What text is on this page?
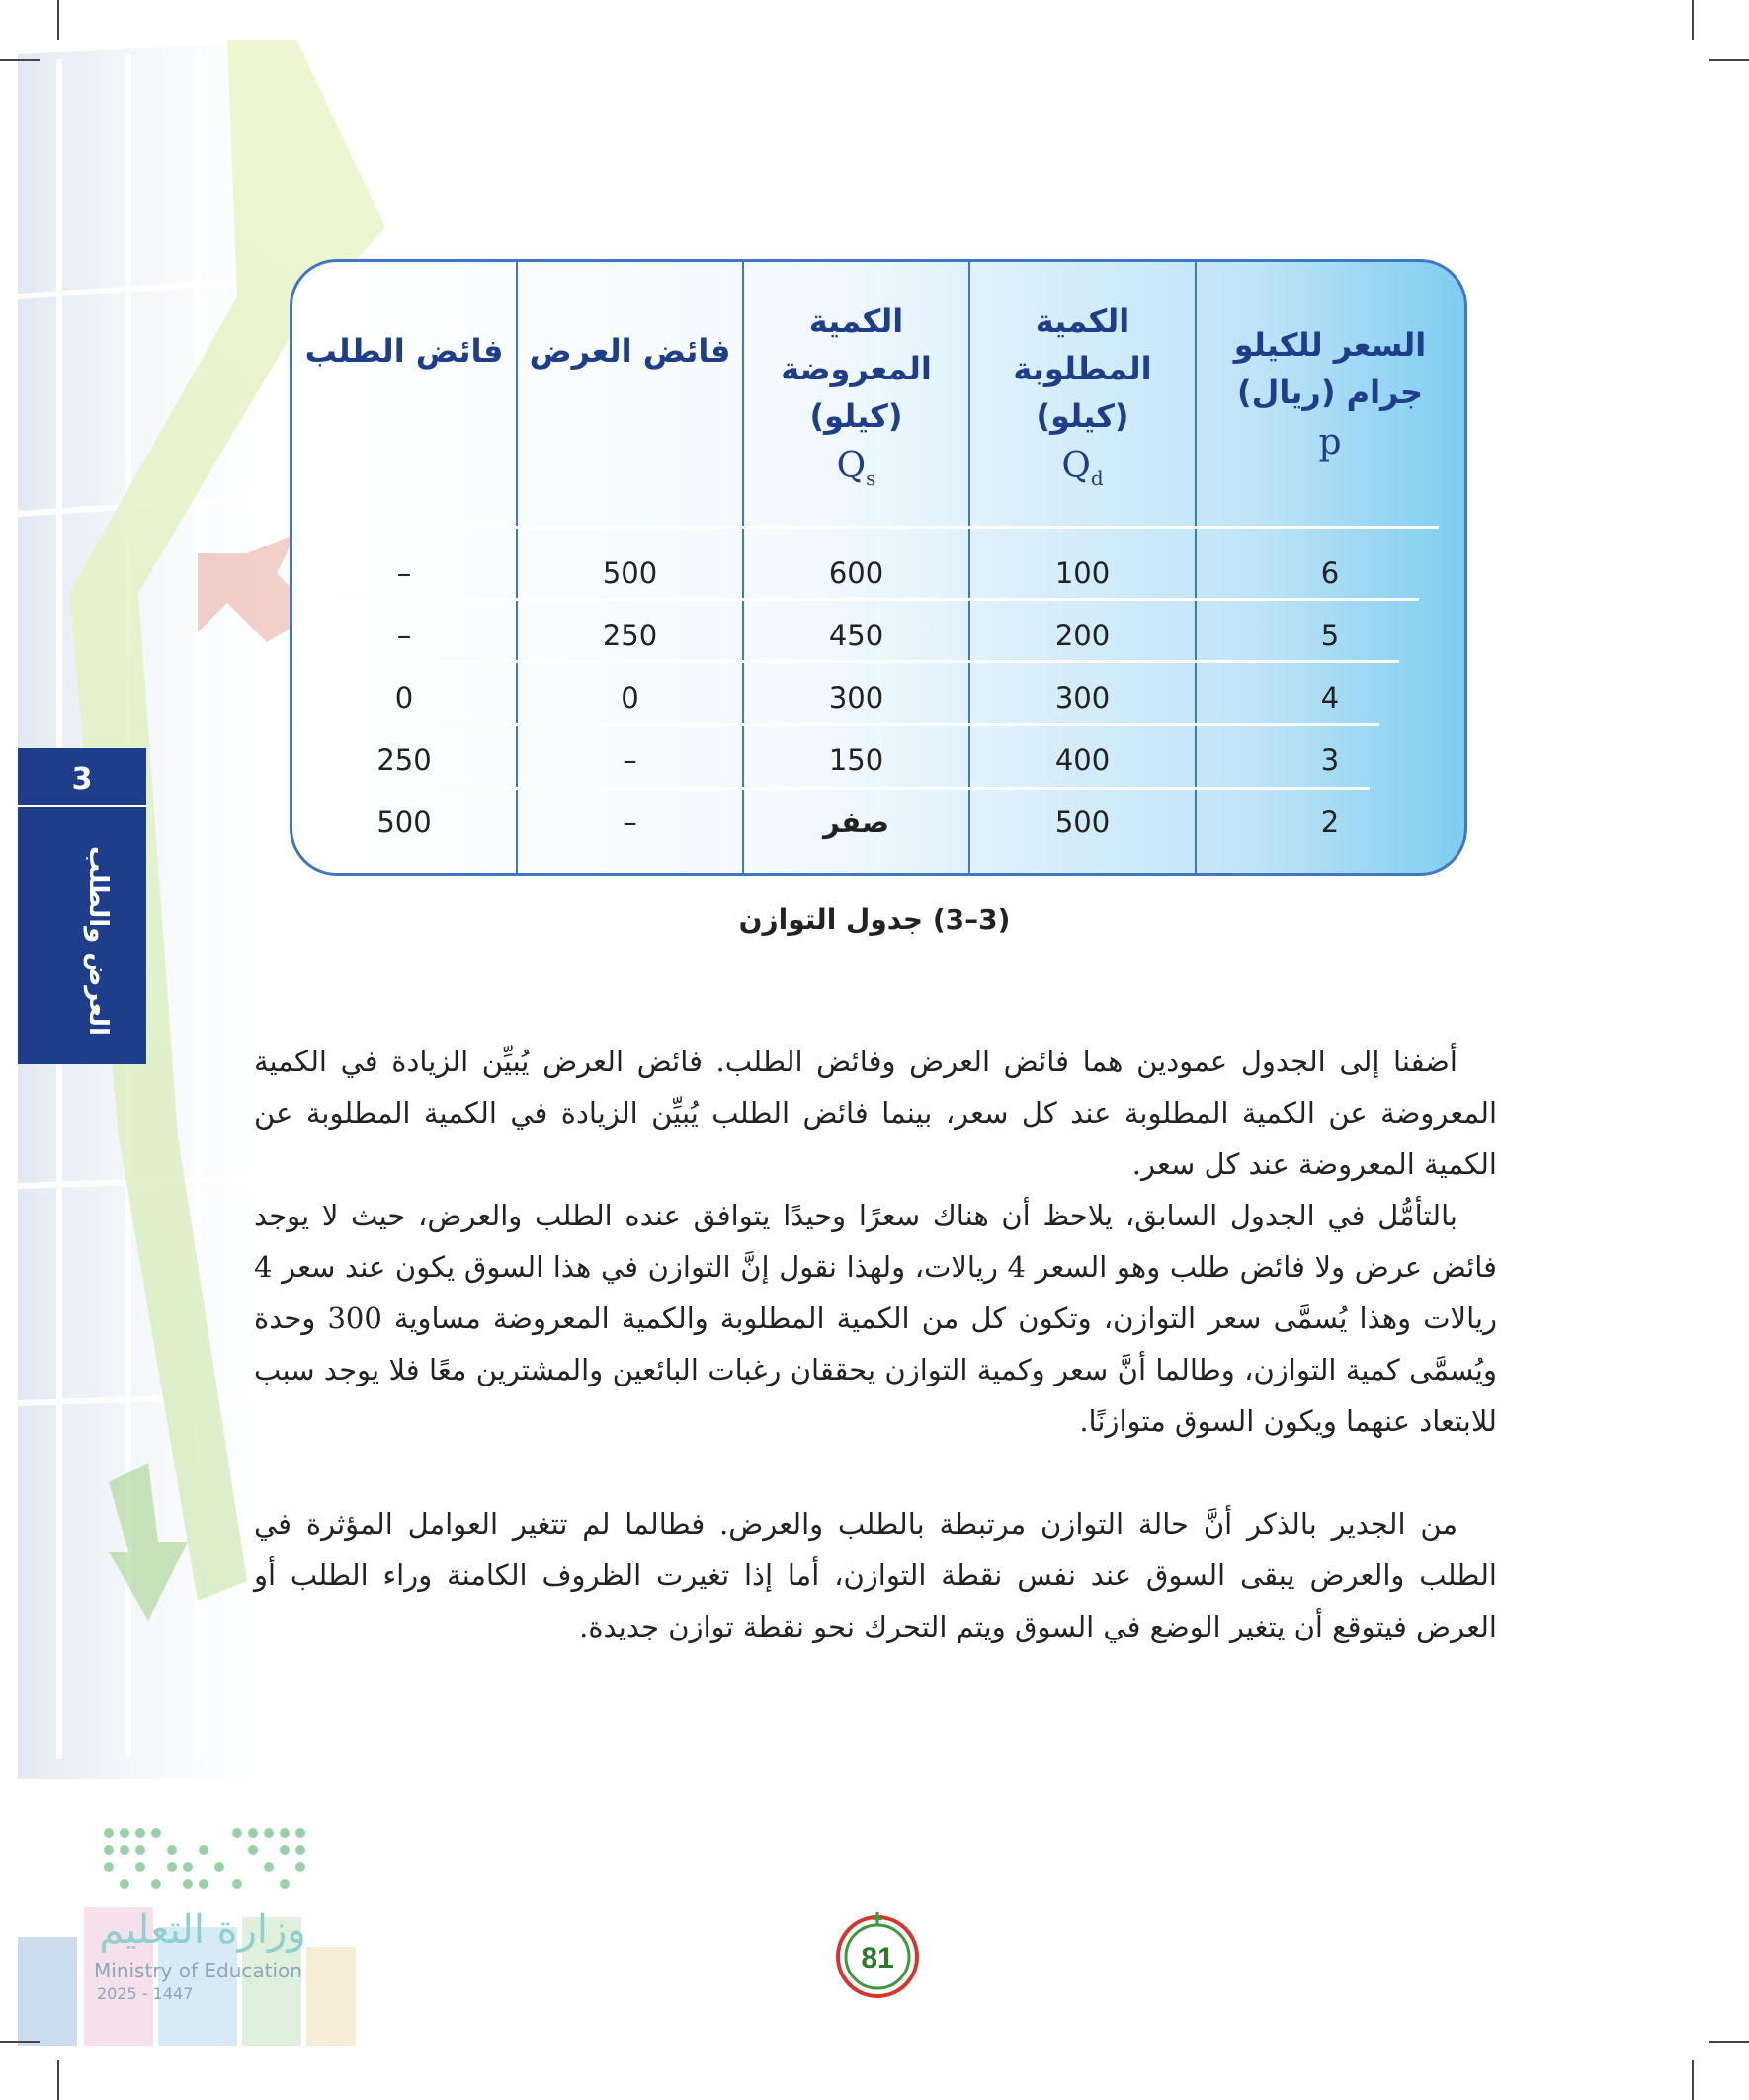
3
العرض والطلب
السعر للكيلو
جرام (ريال)
p
الكمية
المطلوبة
(كيلو)
$Q_d$
الكمية
المعروضة
(كيلو)
$Q_s$
فائض العرض
فائض الطلب
6
100
600
500
–
5
200
450
250
–
4
300
300
0
0
3
400
150
–
250
2
500
صفر
–
500
(3–3) جدول التوازن

أضفنا إلى الجدول عمودين هما فائض العرض وفائض الطلب. فائض العرض يُبيِّن الزيادة في الكمية المعروضة عن الكمية المطلوبة عند كل سعر، بينما فائض الطلب يُبيِّن الزيادة في الكمية المطلوبة عن الكمية المعروضة عند كل سعر.

بالتأمُّل في الجدول السابق، يلاحظ أن هناك سعرًا وحيدًا يتوافق عنده الطلب والعرض، حيث لا يوجد فائض عرض ولا فائض طلب وهو السعر 4 ريالات، ولهذا نقول إنَّ التوازن في هذا السوق يكون عند سعر 4 ريالات وهذا يُسمَّى سعر التوازن، وتكون كل من الكمية المطلوبة والكمية المعروضة مساوية 300 وحدة ويُسمَّى كمية التوازن، وطالما أنَّ سعر وكمية التوازن يحققان رغبات البائعين والمشترين معًا فلا يوجد سبب للابتعاد عنهما ويكون السوق متوازنًا.

من الجدير بالذكر أنَّ حالة التوازن مرتبطة بالطلب والعرض. فطالما لم تتغير العوامل المؤثرة في الطلب والعرض يبقى السوق عند نفس نقطة التوازن، أما إذا تغيرت الظروف الكامنة وراء الطلب أو العرض فيتوقع أن يتغير الوضع في السوق ويتم التحرك نحو نقطة توازن جديدة.

وزارة التعليم
Ministry of Education
2025 - 1447
81
